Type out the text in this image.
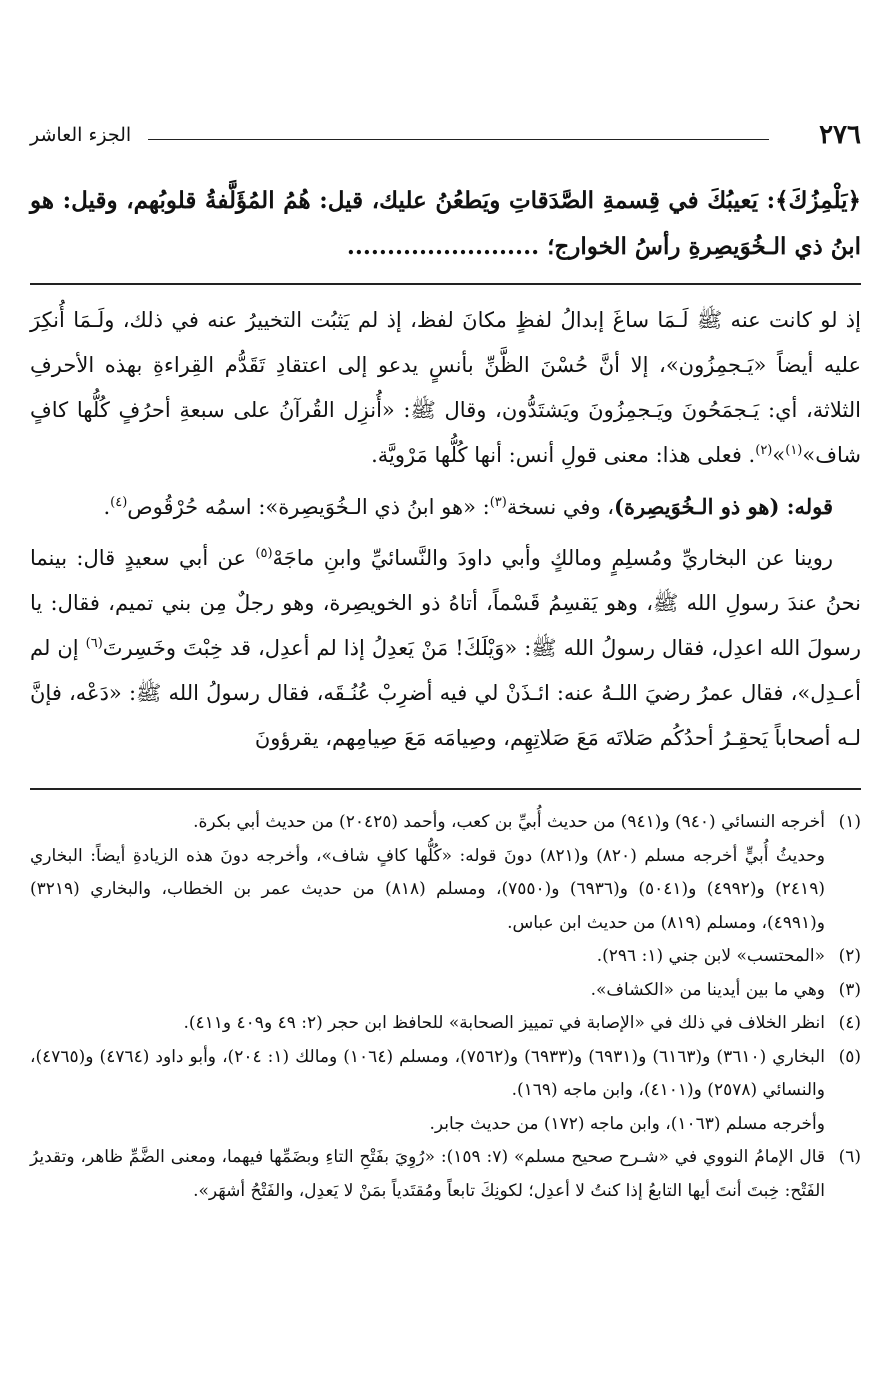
٢٧٦
الجزء العاشر
﴿يَلْمِزُكَ﴾: يَعيبُكَ في قِسمةِ الصَّدَقاتِ ويَطعُنُ عليك، قيل: هُمُ المُؤَلَّفةُ قلوبُهم، وقيل: هو ابنُ ذي الـخُوَيصِرةِ رأسُ الخوارج؛ ........................

إذ لو كانت عنه ﷺ لَـمَا ساغَ إبدالُ لفظٍ مكانَ لفظ، إذ لم يَثبُت التخييرُ عنه في ذلك، ولَـمَا أُنكِرَ عليه أيضاً «يَـجمِزُون»، إلا أنَّ حُسْنَ الظَّنِّ بأنسٍ يدعو إلى اعتقادِ تَقَدُّم القِراءةِ بهذه الأحرفِ الثلاثة، أي: يَـجمَحُونَ ويَـجمِزُونَ ويَشتَدُّون، وقال ﷺ: «أُنزِل القُرآنُ على سبعةِ أحرُفٍ كُلُّها كافٍ شاف»$^{(١)}$»$^{(٢)}$. فعلى هذا: معنى قولِ أنس: أنها كُلُّها مَرْويَّة.

قوله: (هو ذو الـخُوَيصِرة)، وفي نسخة$^{(٣)}$: «هو ابنُ ذي الـخُوَيصِرة»: اسمُه حُرْقُوص$^{(٤)}$.

روينا عن البخاريِّ ومُسلِمٍ ومالكٍ وأبي داودَ والنَّسائيِّ وابنِ ماجَهْ$^{(٥)}$ عن أبي سعيدٍ قال: بينما نحنُ عندَ رسولِ الله ﷺ، وهو يَقسِمُ قَسْماً، أتاهُ ذو الخويصِرة، وهو رجلٌ مِن بني تميم، فقال: يا رسولَ الله اعدِل، فقال رسولُ الله ﷺ: «وَيْلَكَ! مَنْ يَعدِلُ إذا لم أعدِل، قد خِبْتَ وخَسِرتَ$^{(٦)}$ إن لم أعـدِل»، فقال عمرُ رضيَ اللـهُ عنه: ائـذَنْ لي فيه أضرِبْ عُنُـقَه، فقال رسولُ الله ﷺ: «دَعْه، فإنَّ لـه أصحاباً يَحقِـرُ أحدُكُم صَلاتَه مَعَ صَلاتِهِم، وصِيامَه مَعَ صِيامِهم، يقرؤونَ

(١)
أخرجه النسائي (٩٤٠) و(٩٤١) من حديث أُبيِّ بن كعب، وأحمد (٢٠٤٢٥) من حديث أبي بكرة.

وحديثُ أُبيٍّ أخرجه مسلم (٨٢٠) و(٨٢١) دونَ قوله: «كُلُّها كافٍ شاف»، وأخرجه دونَ هذه الزيادةِ أيضاً: البخاري (٢٤١٩) و(٤٩٩٢) و(٥٠٤١) و(٦٩٣٦) و(٧٥٥٠)، ومسلم (٨١٨) من حديث عمر بن الخطاب، والبخاري (٣٢١٩) و(٤٩٩١)، ومسلم (٨١٩) من حديث ابن عباس.

(٢)
«المحتسب» لابن جني (١: ٢٩٦).

(٣)
وهي ما بين أيدينا من «الكشاف».

(٤)
انظر الخلاف في ذلك في «الإصابة في تمييز الصحابة» للحافظ ابن حجر (٢: ٤٩ و٤٠٩ و٤١١).

(٥)
البخاري (٣٦١٠) و(٦١٦٣) و(٦٩٣١) و(٦٩٣٣) و(٧٥٦٢)، ومسلم (١٠٦٤) ومالك (١: ٢٠٤)، وأبو داود (٤٧٦٤) و(٤٧٦٥)، والنسائي (٢٥٧٨) و(٤١٠١)، وابن ماجه (١٦٩).

وأخرجه مسلم (١٠٦٣)، وابن ماجه (١٧٢) من حديث جابر.

(٦)
قال الإمامُ النووي في «شـرح صحيح مسلم» (٧: ١٥٩): «رُوِيَ بفَتْحِ التاءِ وبضَمِّها فيهما، ومعنى الضَّمِّ ظاهر، وتقديرُ الفَتْح: خِبتَ أنتَ أيها التابعُ إذا كنتُ لا أعدِل؛ لكونِكَ تابعاً ومُقتَدياً بمَنْ لا يَعدِل، والفَتْحُ أشهَر».
